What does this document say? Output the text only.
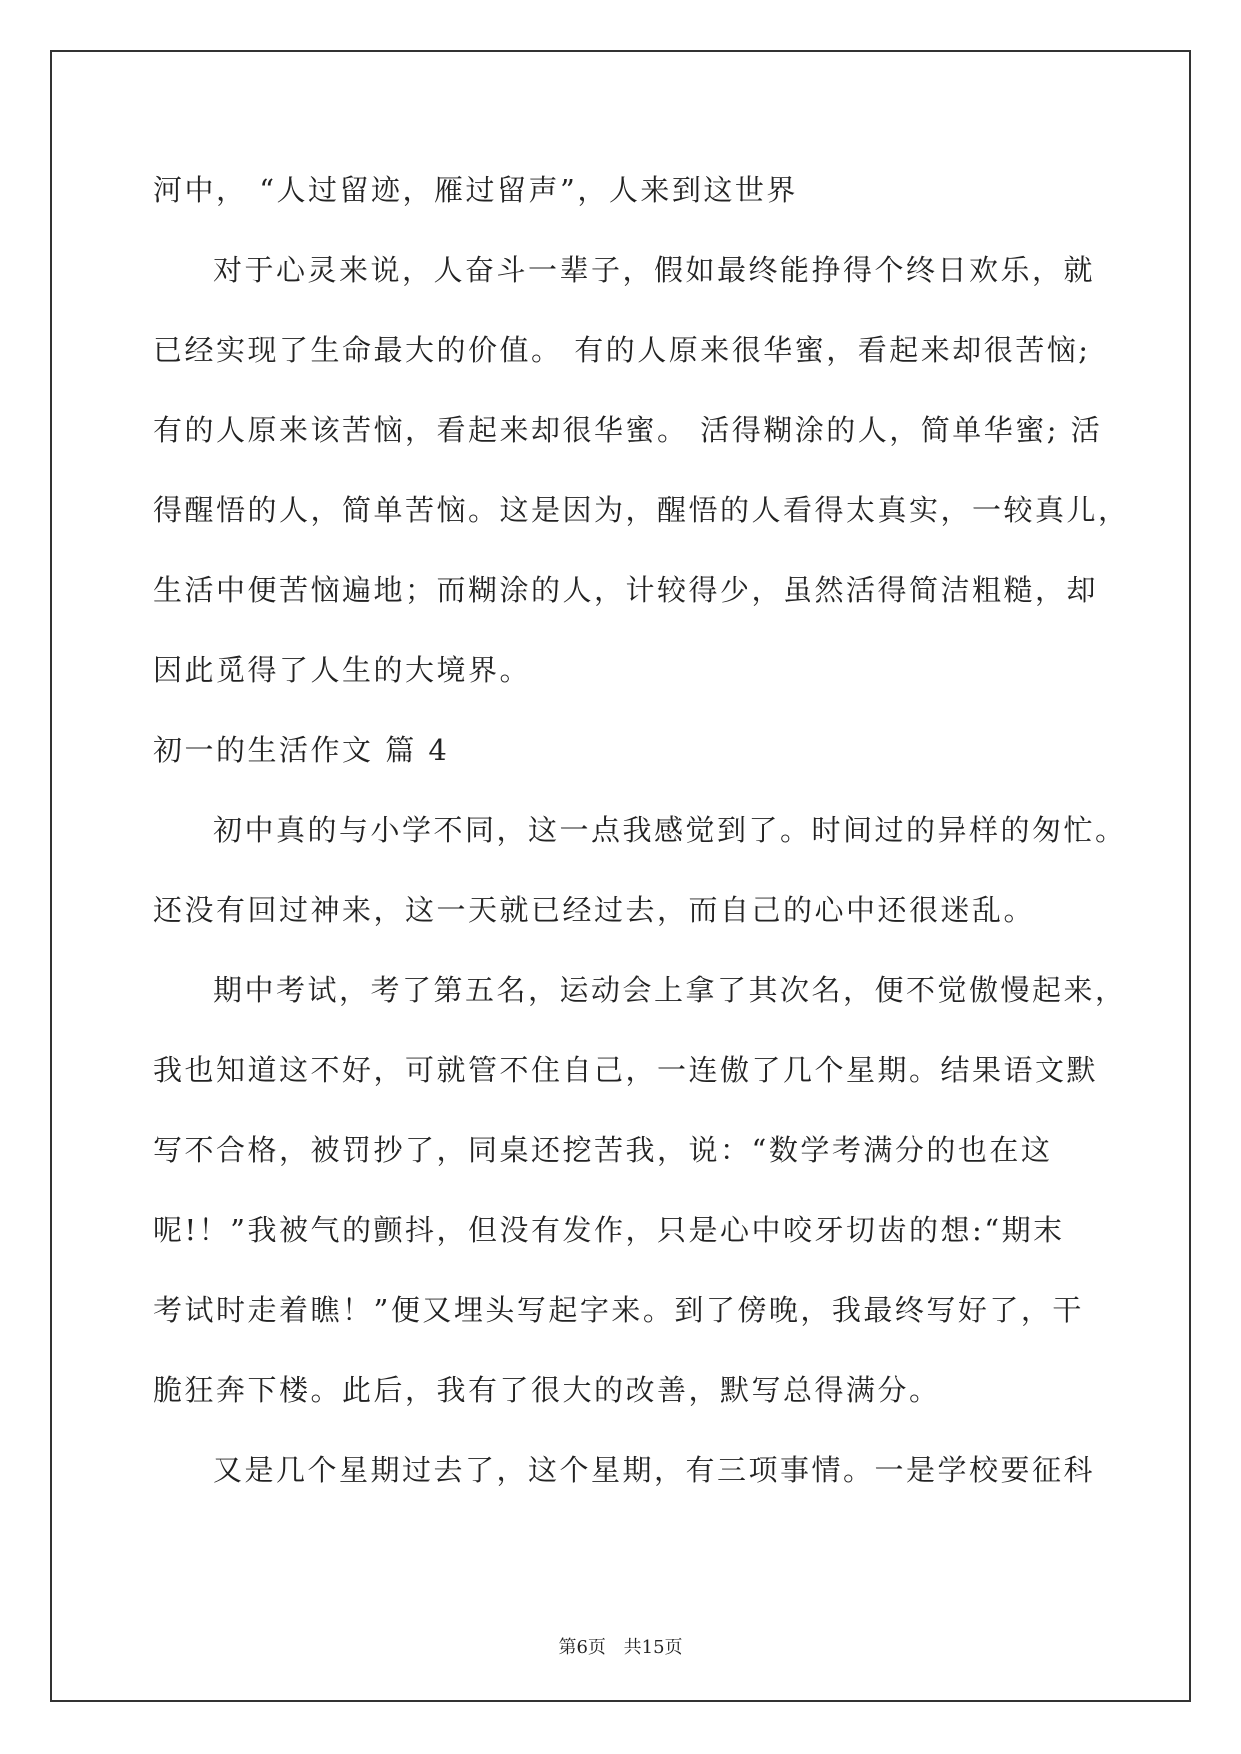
河中， “人过留迹，雁过留声”，人来到这世界
对于心灵来说，人奋斗一辈子，假如最终能挣得个终日欢乐，就
已经实现了生命最大的价值。 有的人原来很华蜜，看起来却很苦恼;
有的人原来该苦恼，看起来却很华蜜。 活得糊涂的人，简单华蜜; 活
得醒悟的人，简单苦恼。这是因为，醒悟的人看得太真实，一较真儿，
生活中便苦恼遍地；而糊涂的人，计较得少，虽然活得简洁粗糙，却
因此觅得了人生的大境界。
初一的生活作文 篇 4
初中真的与小学不同，这一点我感觉到了。时间过的异样的匆忙。
还没有回过神来，这一天就已经过去，而自己的心中还很迷乱。
期中考试，考了第五名，运动会上拿了其次名，便不觉傲慢起来，
我也知道这不好，可就管不住自己，一连傲了几个星期。结果语文默
写不合格，被罚抄了，同桌还挖苦我，说：“数学考满分的也在这
呢!！”我被气的颤抖，但没有发作，只是心中咬牙切齿的想:“期末
考试时走着瞧！”便又埋头写起字来。到了傍晚，我最终写好了，干
脆狂奔下楼。此后，我有了很大的改善，默写总得满分。
又是几个星期过去了，这个星期，有三项事情。一是学校要征科
第6页 共15页
